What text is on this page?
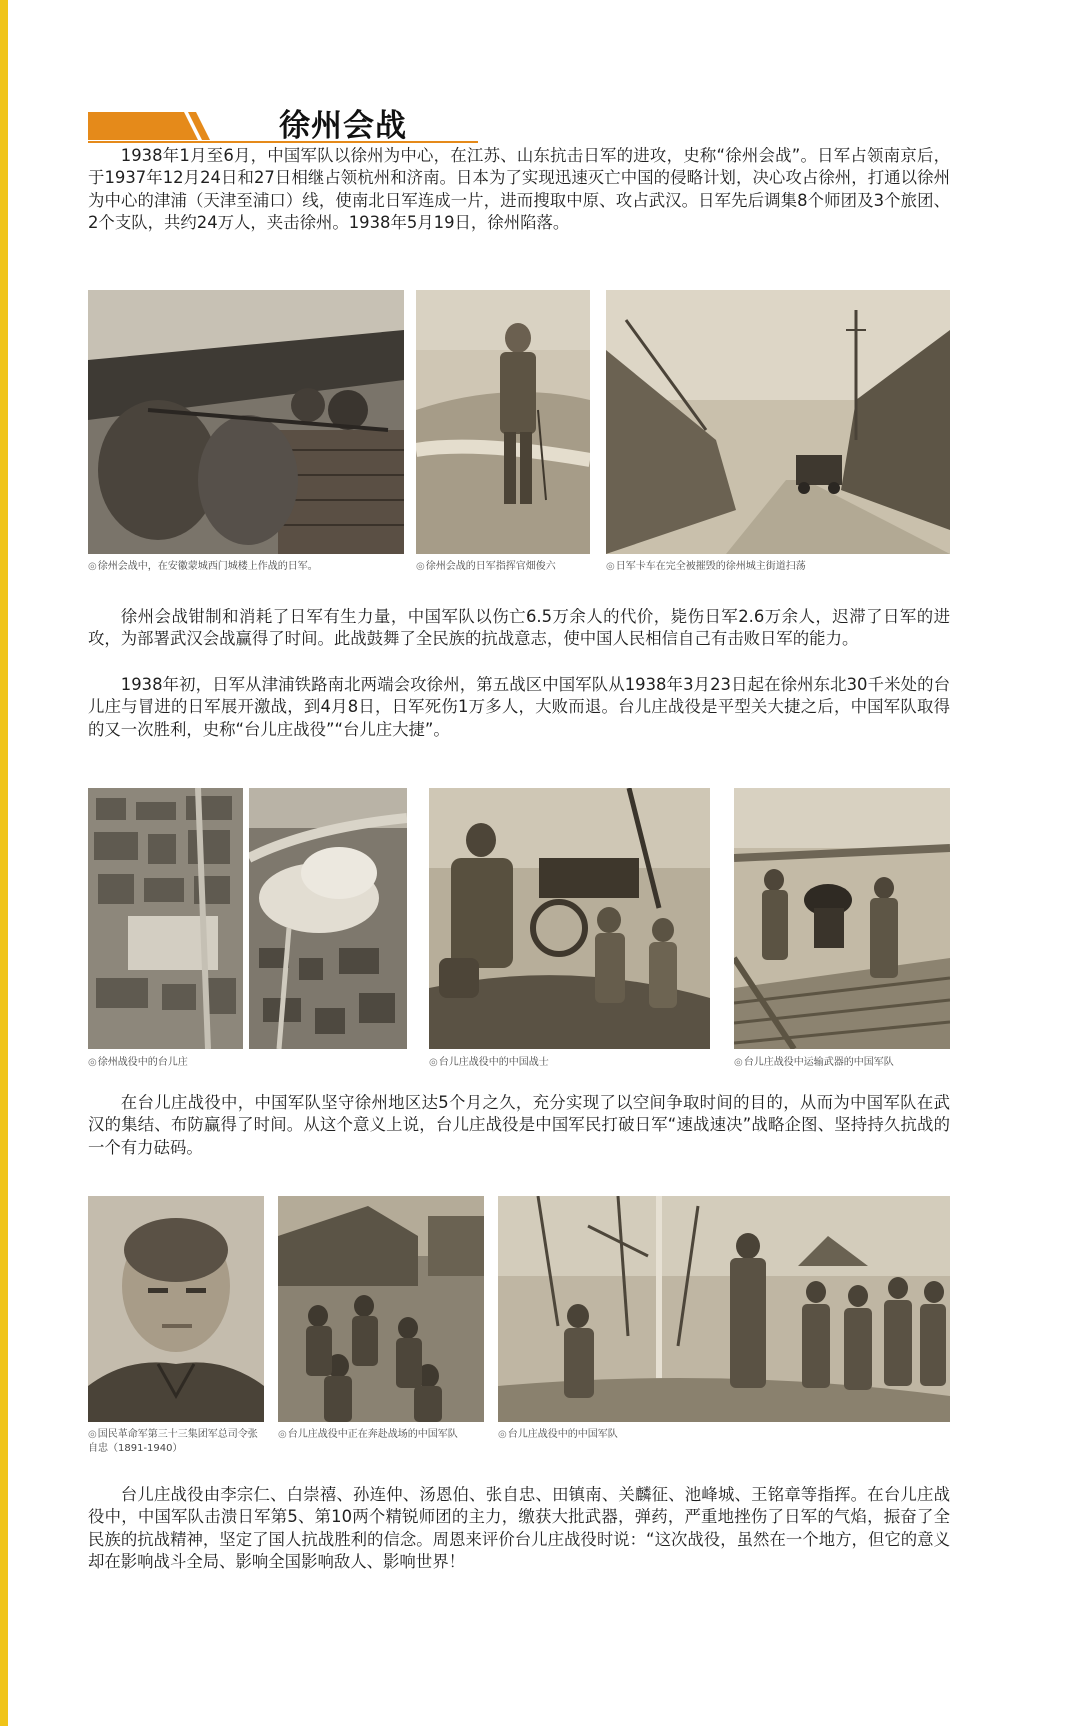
徐州会战

1938年1月至6月，中国军队以徐州为中心，在江苏、山东抗击日军的进攻，史称“徐州会战”。日军占领南京后，于1937年12月24日和27日相继占领杭州和济南。日本为了实现迅速灭亡中国的侵略计划，决心攻占徐州，打通以徐州为中心的津浦（天津至浦口）线，使南北日军连成一片，进而搜取中原、攻占武汉。日军先后调集8个师团及3个旅团、2个支队，共约24万人，夹击徐州。1938年5月19日，徐州陷落。

◎ 徐州会战中，在安徽蒙城西门城楼上作战的日军。	◎ 徐州会战的日军指挥官畑俊六	◎ 日军卡车在完全被摧毁的徐州城主街道扫荡

徐州会战钳制和消耗了日军有生力量，中国军队以伤亡6.5万余人的代价，毙伤日军2.6万余人，迟滞了日军的进攻，为部署武汉会战赢得了时间。此战鼓舞了全民族的抗战意志，使中国人民相信自己有击败日军的能力。

1938年初，日军从津浦铁路南北两端会攻徐州，第五战区中国军队从1938年3月23日起在徐州东北30千米处的台儿庄与冒进的日军展开激战，到4月8日，日军死伤1万多人，大败而退。台儿庄战役是平型关大捷之后，中国军队取得的又一次胜利，史称“台儿庄战役”“台儿庄大捷”。

◎ 徐州战役中的台儿庄	◎ 台儿庄战役中的中国战士	◎ 台儿庄战役中运输武器的中国军队

在台儿庄战役中，中国军队坚守徐州地区达5个月之久，充分实现了以空间争取时间的目的，从而为中国军队在武汉的集结、布防赢得了时间。从这个意义上说，台儿庄战役是中国军民打破日军“速战速决”战略企图、坚持持久抗战的一个有力砝码。

◎ 国民革命军第三十三集团军总司令张自忠（1891-1940）

◎ 台儿庄战役中正在奔赴战场的中国军队	◎ 台儿庄战役中的中国军队

台儿庄战役由李宗仁、白崇禧、孙连仲、汤恩伯、张自忠、田镇南、关麟征、池峰城、王铭章等指挥。在台儿庄战役中，中国军队击溃日军第5、第10两个精锐师团的主力，缴获大批武器，弹药，严重地挫伤了日军的气焰，振奋了全民族的抗战精神，坚定了国人抗战胜利的信念。周恩来评价台儿庄战役时说：“这次战役，虽然在一个地方，但它的意义却在影响战斗全局、影响全国影响敌人、影响世界！
